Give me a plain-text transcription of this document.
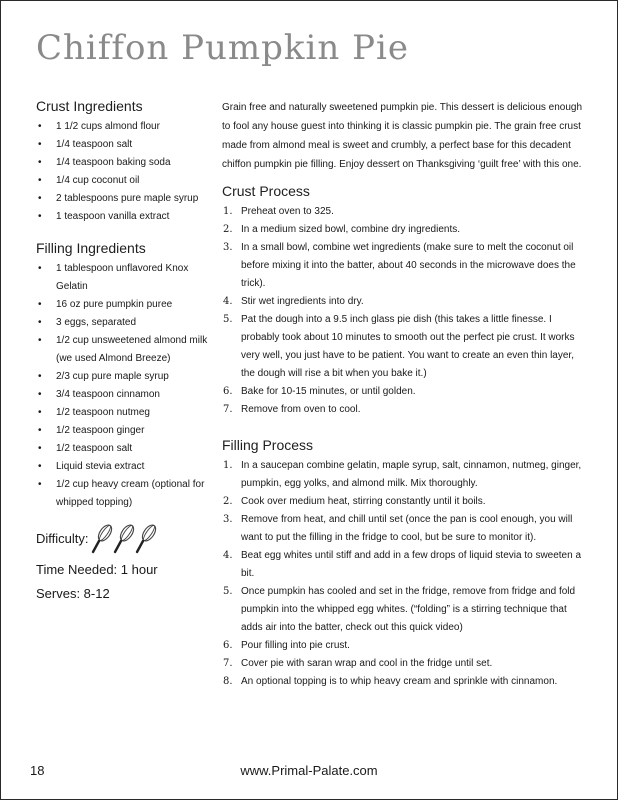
Chiffon Pumpkin Pie
Crust Ingredients
• 1 1/2 cups almond flour
• 1/4 teaspoon salt
• 1/4 teaspoon baking soda
• 1/4 cup coconut oil
• 2 tablespoons pure maple syrup
• 1 teaspoon vanilla extract
Filling Ingredients
• 1 tablespoon unflavored Knox Gelatin
• 16 oz pure pumpkin puree
• 3 eggs, separated
• 1/2 cup unsweetened almond milk (we used Almond Breeze)
• 2/3 cup pure maple syrup
• 3/4 teaspoon cinnamon
• 1/2 teaspoon nutmeg
• 1/2 teaspoon ginger
• 1/2 teaspoon salt
• Liquid stevia extract
• 1/2 cup heavy cream (optional for whipped topping)
Difficulty:
Time Needed: 1 hour
Serves: 8-12

Grain free and naturally sweetened pumpkin pie. This dessert is delicious enough to fool any house guest into thinking it is classic pumpkin pie. The grain free crust made from almond meal is sweet and crumbly, a perfect base for this decadent chiffon pumpkin pie filling. Enjoy dessert on Thanksgiving ‘guilt free’ with this one.

Crust Process
1. Preheat oven to 325.
2. In a medium sized bowl, combine dry ingredients.
3. In a small bowl, combine wet ingredients (make sure to melt the coconut oil before mixing it into the batter, about 40 seconds in the microwave does the trick).
4. Stir wet ingredients into dry.
5. Pat the dough into a 9.5 inch glass pie dish (this takes a little finesse. I probably took about 10 minutes to smooth out the perfect pie crust. It works very well, you just have to be patient. You want to create an even thin layer, the dough will rise a bit when you bake it.)
6. Bake for 10-15 minutes, or until golden.
7. Remove from oven to cool.
Filling Process
1. In a saucepan combine gelatin, maple syrup, salt, cinnamon, nutmeg, ginger, pumpkin, egg yolks, and almond milk. Mix thoroughly.
2. Cook over medium heat, stirring constantly until it boils.
3. Remove from heat, and chill until set (once the pan is cool enough, you will want to put the filling in the fridge to cool, but be sure to monitor it).
4. Beat egg whites until stiff and add in a few drops of liquid stevia to sweeten a bit.
5. Once pumpkin has cooled and set in the fridge, remove from fridge and fold pumpkin into the whipped egg whites. (“folding” is a stirring technique that adds air into the batter, check out this quick video)
6. Pour filling into pie crust.
7. Cover pie with saran wrap and cool in the fridge until set.
8. An optional topping is to whip heavy cream and sprinkle with cinnamon.
18	www.Primal-Palate.com
